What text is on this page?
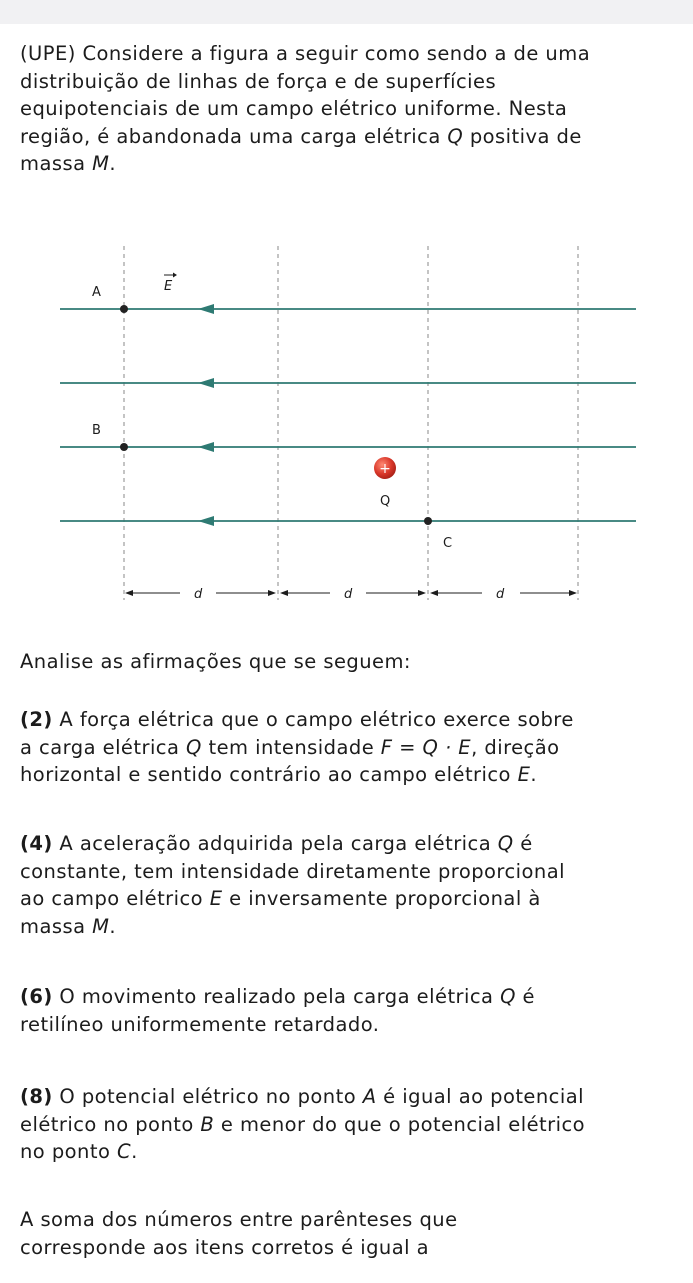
(UPE) Considere a figura a seguir como sendo a de uma
distribuição de linhas de força e de superfícies
equipotenciais de um campo elétrico uniforme. Nesta
região, é abandonada uma carga elétrica Q positiva de
massa M.

A
B
C
E
+
Q
d	d	d

Analise as afirmações que se seguem:

(2) A força elétrica que o campo elétrico exerce sobre
a carga elétrica Q tem intensidade F = Q · E, direção
horizontal e sentido contrário ao campo elétrico E.

(4) A aceleração adquirida pela carga elétrica Q é
constante, tem intensidade diretamente proporcional
ao campo elétrico E e inversamente proporcional à
massa M.

(6) O movimento realizado pela carga elétrica Q é
retilíneo uniformemente retardado.

(8) O potencial elétrico no ponto A é igual ao potencial
elétrico no ponto B e menor do que o potencial elétrico
no ponto C.

A soma dos números entre parênteses que
corresponde aos itens corretos é igual a
